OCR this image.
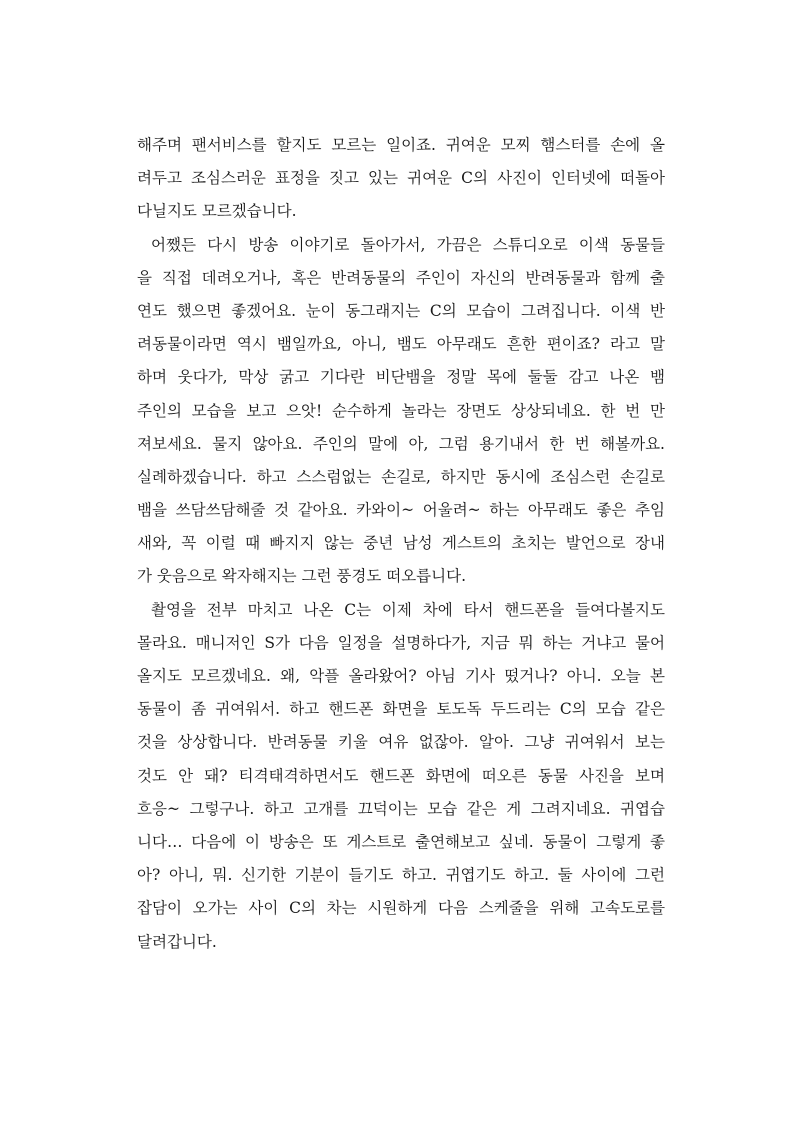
해주며 팬서비스를 할지도 모르는 일이죠. 귀여운 모찌 햄스터를 손에 올
려두고 조심스러운 표정을 짓고 있는 귀여운 C의 사진이 인터넷에 떠돌아
다닐지도 모르겠습니다.
어쨌든 다시 방송 이야기로 돌아가서, 가끔은 스튜디오로 이색 동물들
을 직접 데려오거나, 혹은 반려동물의 주인이 자신의 반려동물과 함께 출
연도 했으면 좋겠어요. 눈이 동그래지는 C의 모습이 그려집니다. 이색 반
려동물이라면 역시 뱀일까요, 아니, 뱀도 아무래도 흔한 편이죠? 라고 말
하며 웃다가, 막상 굵고 기다란 비단뱀을 정말 목에 둘둘 감고 나온 뱀
주인의 모습을 보고 으앗! 순수하게 놀라는 장면도 상상되네요. 한 번 만
져보세요. 물지 않아요. 주인의 말에 아, 그럼 용기내서 한 번 해볼까요.
실례하겠습니다. 하고 스스럼없는 손길로, 하지만 동시에 조심스런 손길로
뱀을 쓰담쓰담해줄 것 같아요. 카와이~ 어울려~ 하는 아무래도 좋은 추임
새와, 꼭 이럴 때 빠지지 않는 중년 남성 게스트의 초치는 발언으로 장내
가 웃음으로 왁자해지는 그런 풍경도 떠오릅니다.
촬영을 전부 마치고 나온 C는 이제 차에 타서 핸드폰을 들여다볼지도
몰라요. 매니저인 S가 다음 일정을 설명하다가, 지금 뭐 하는 거냐고 물어
올지도 모르겠네요. 왜, 악플 올라왔어? 아님 기사 떴거나? 아니. 오늘 본
동물이 좀 귀여워서. 하고 핸드폰 화면을 토도독 두드리는 C의 모습 같은
것을 상상합니다. 반려동물 키울 여유 없잖아. 알아. 그냥 귀여워서 보는
것도 안 돼? 티격태격하면서도 핸드폰 화면에 떠오른 동물 사진을 보며
흐응~ 그렇구나. 하고 고개를 끄덕이는 모습 같은 게 그려지네요. 귀엽습
니다… 다음에 이 방송은 또 게스트로 출연해보고 싶네. 동물이 그렇게 좋
아? 아니, 뭐. 신기한 기분이 들기도 하고. 귀엽기도 하고. 둘 사이에 그런
잡담이 오가는 사이 C의 차는 시원하게 다음 스케줄을 위해 고속도로를
달려갑니다.
